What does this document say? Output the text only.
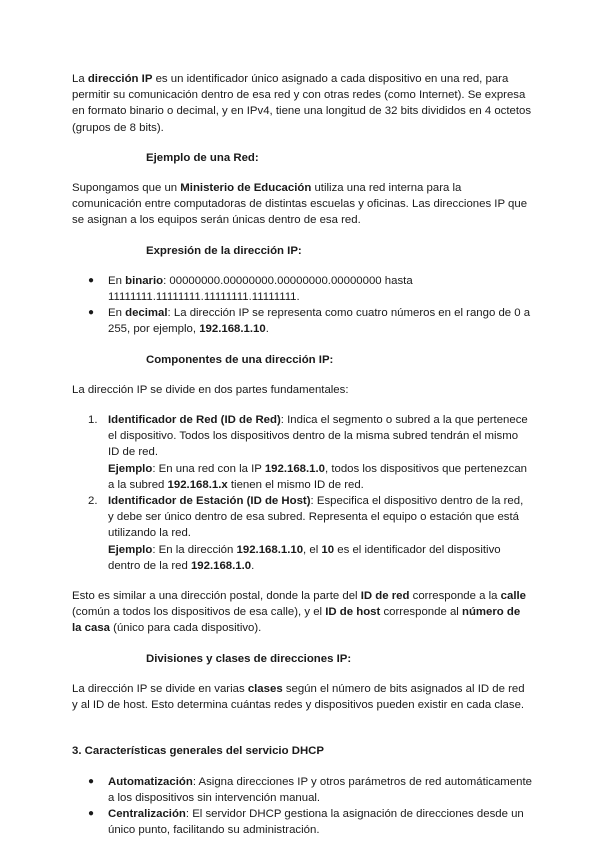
La dirección IP es un identificador único asignado a cada dispositivo en una red, para permitir su comunicación dentro de esa red y con otras redes (como Internet). Se expresa en formato binario o decimal, y en IPv4, tiene una longitud de 32 bits divididos en 4 octetos (grupos de 8 bits).

Ejemplo de una Red:

Supongamos que un Ministerio de Educación utiliza una red interna para la comunicación entre computadoras de distintas escuelas y oficinas. Las direcciones IP que se asignan a los equipos serán únicas dentro de esa red.

Expresión de la dirección IP:

● En binario: 00000000.00000000.00000000.00000000 hasta 11111111.11111111.11111111.11111111.
● En decimal: La dirección IP se representa como cuatro números en el rango de 0 a 255, por ejemplo, 192.168.1.10.

Componentes de una dirección IP:

La dirección IP se divide en dos partes fundamentales:

1. Identificador de Red (ID de Red): Indica el segmento o subred a la que pertenece el dispositivo. Todos los dispositivos dentro de la misma subred tendrán el mismo ID de red.

Ejemplo: En una red con la IP 192.168.1.0, todos los dispositivos que pertenezcan a la subred 192.168.1.x tienen el mismo ID de red.

2. Identificador de Estación (ID de Host): Especifica el dispositivo dentro de la red, y debe ser único dentro de esa subred. Representa el equipo o estación que está utilizando la red.

Ejemplo: En la dirección 192.168.1.10, el 10 es el identificador del dispositivo dentro de la red 192.168.1.0.

Esto es similar a una dirección postal, donde la parte del ID de red corresponde a la calle (común a todos los dispositivos de esa calle), y el ID de host corresponde al número de la casa (único para cada dispositivo).

Divisiones y clases de direcciones IP:

La dirección IP se divide en varias clases según el número de bits asignados al ID de red y al ID de host. Esto determina cuántas redes y dispositivos pueden existir en cada clase.

3. Características generales del servicio DHCP

● Automatización: Asigna direcciones IP y otros parámetros de red automáticamente a los dispositivos sin intervención manual.
● Centralización: El servidor DHCP gestiona la asignación de direcciones desde un único punto, facilitando su administración.
